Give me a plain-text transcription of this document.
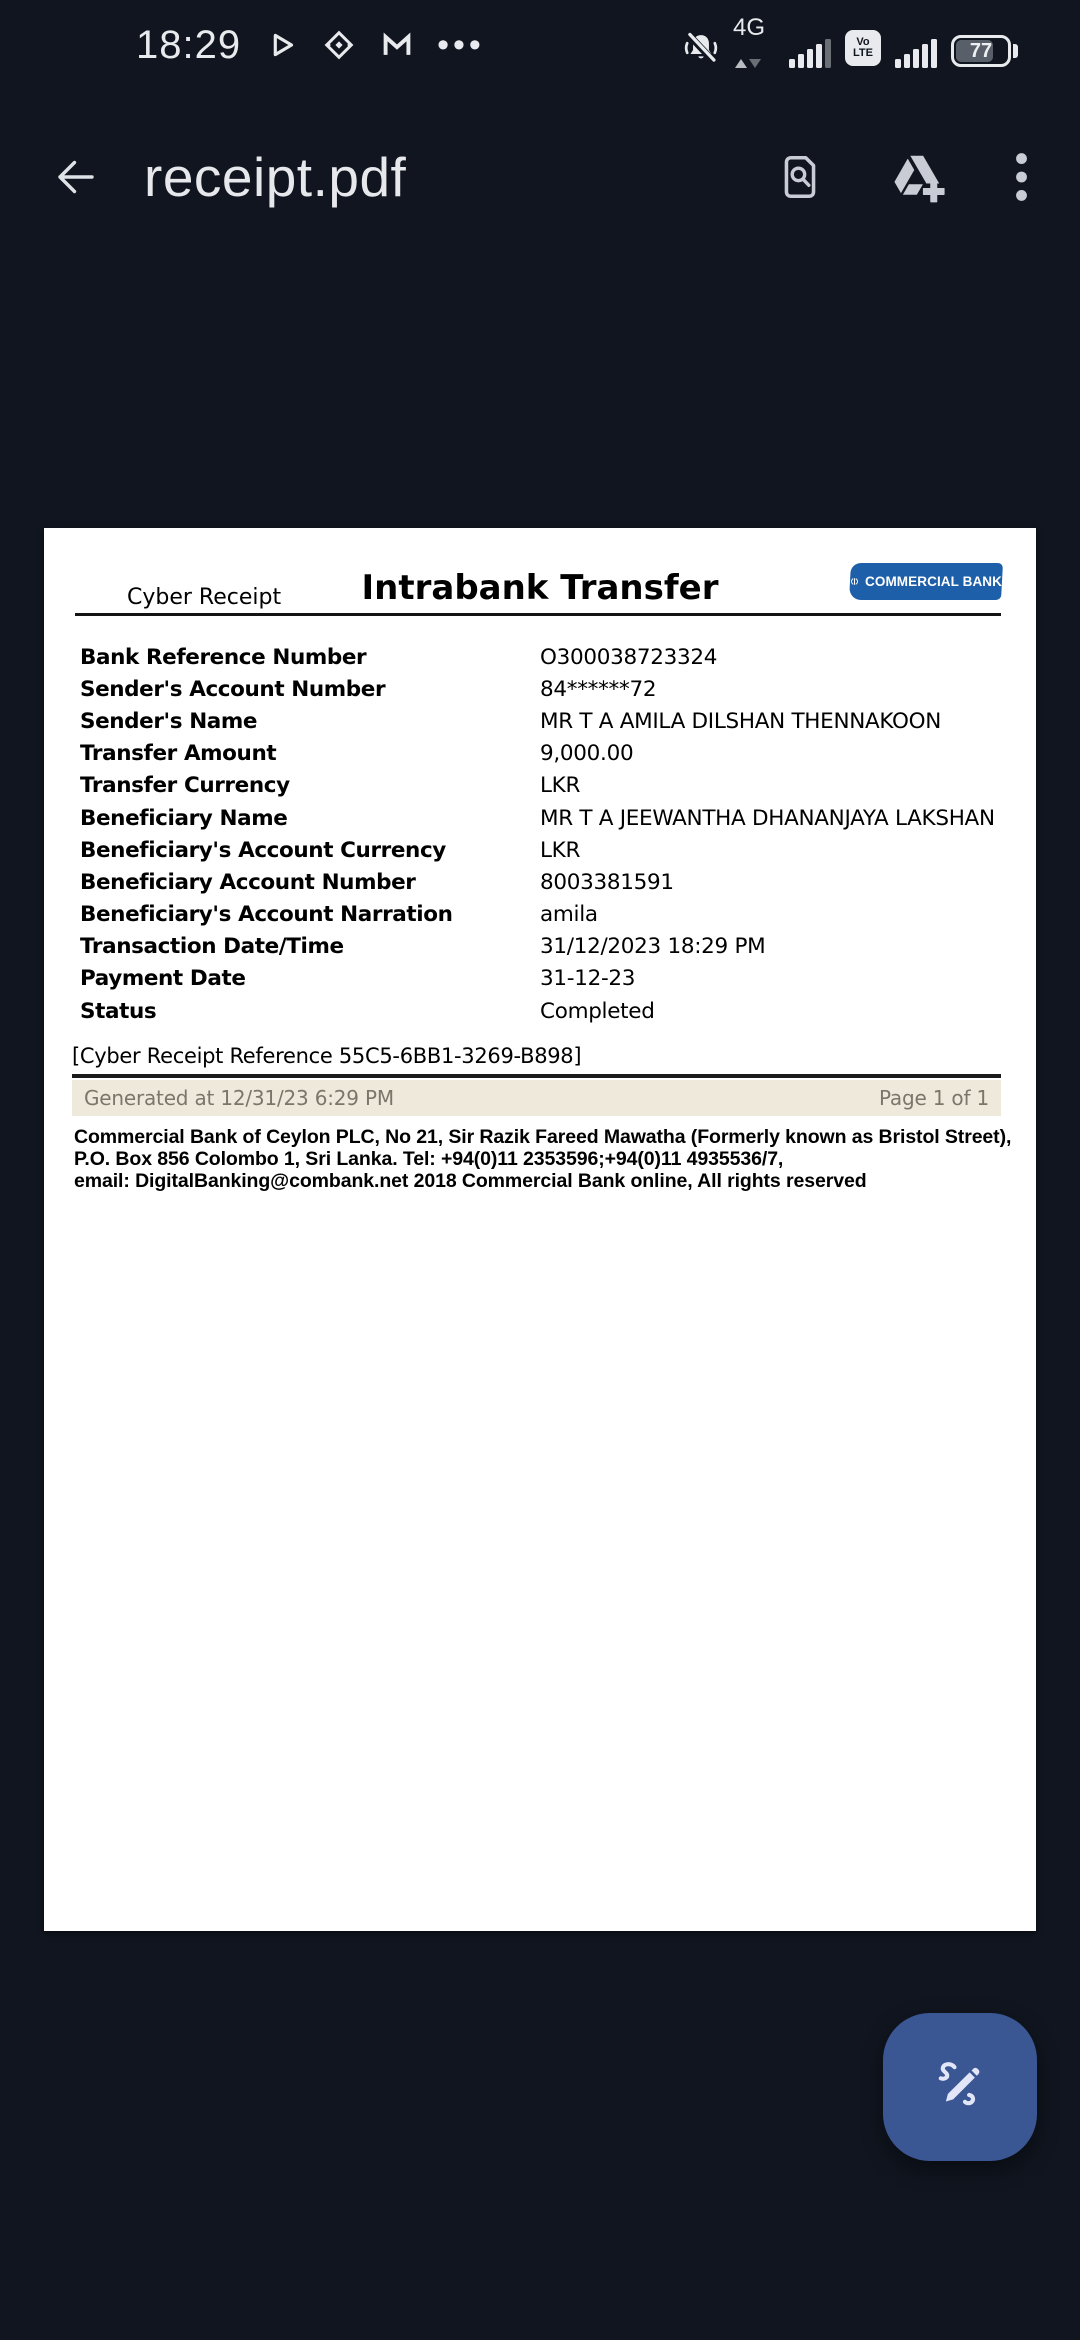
18:29	•••	4G
Vo
LTE	77
receipt.pdf
Cyber Receipt	Intrabank Transfer	COMMERCIAL BANK
Bank Reference Number	O300038723324
Sender's Account Number	84******72
Sender's Name	MR T A AMILA DILSHAN THENNAKOON
Transfer Amount	9,000.00
Transfer Currency	LKR
Beneficiary Name	MR T A JEEWANTHA DHANANJAYA LAKSHAN
Beneficiary's Account Currency	LKR
Beneficiary Account Number	8003381591
Beneficiary's Account Narration	amila
Transaction Date/Time	31/12/2023 18:29 PM
Payment Date	31-12-23
Status	Completed
[Cyber Receipt Reference 55C5-6BB1-3269-B898]
Generated at 12/31/23 6:29 PM	Page 1 of 1
Commercial Bank of Ceylon PLC, No 21, Sir Razik Fareed Mawatha (Formerly known as Bristol Street),
P.O. Box 856 Colombo 1, Sri Lanka. Tel: +94(0)11 2353596;+94(0)11 4935536/7,
email: DigitalBanking@combank.net 2018 Commercial Bank online, All rights reserved
